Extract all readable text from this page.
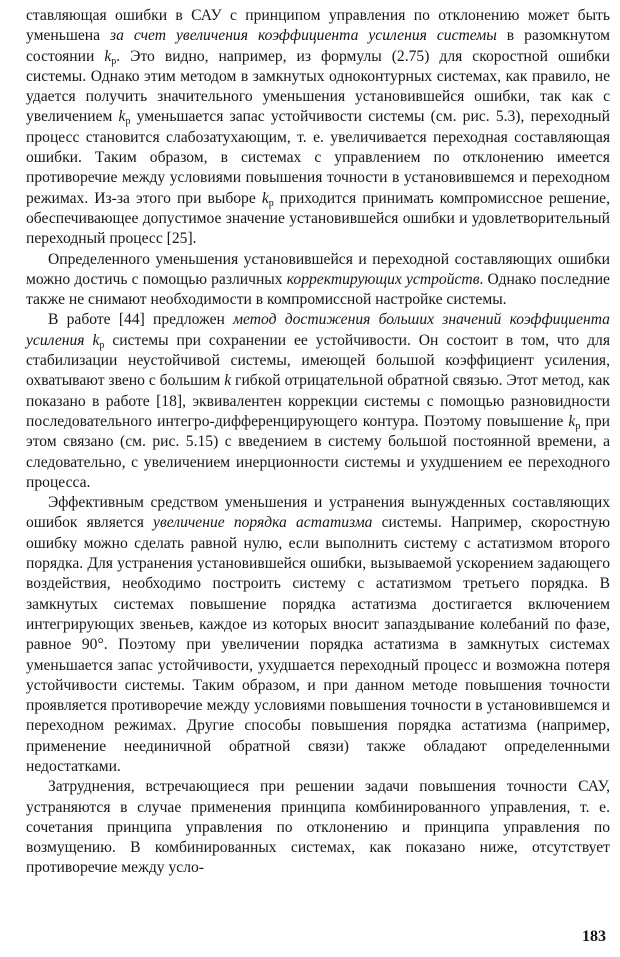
ставляющая ошибки в САУ с принципом управления по отклонению может быть уменьшена за счет увеличения коэффициента усиления системы в разомкнутом состоянии $k_р$. Это видно, например, из формулы (2.75) для скоростной ошибки системы. Однако этим методом в замкнутых одноконтурных системах, как правило, не удается получить значительного уменьшения установившейся ошибки, так как с увеличением $k_р$ уменьшается запас устойчивости системы (см. рис. 5.3), переходный процесс становится слабозатухающим, т. е. увеличивается переходная составляющая ошибки. Таким образом, в системах с управлением по отклонению имеется противоречие между условиями повышения точности в установившемся и переходном режимах. Из-за этого при выборе $k_р$ приходится принимать компромиссное решение, обеспечивающее допустимое значение установившейся ошибки и удовлетворительный переходный процесс [25].

Определенного уменьшения установившейся и переходной составляющих ошибки можно достичь с помощью различных корректирующих устройств. Однако последние также не снимают необходимости в компромиссной настройке системы.

В работе [44] предложен метод достижения больших значений коэффициента усиления $k_р$ системы при сохранении ее устойчивости. Он состоит в том, что для стабилизации неустойчивой системы, имеющей большой коэффициент усиления, охватывают звено с большим k гибкой отрицательной обратной связью. Этот метод, как показано в работе [18], эквивалентен коррекции системы с помощью разновидности последовательного интегро-дифференцирующего контура. Поэтому повышение $k_р$ при этом связано (см. рис. 5.15) с введением в систему большой постоянной времени, а следовательно, с увеличением инерционности системы и ухудшением ее переходного процесса.

Эффективным средством уменьшения и устранения вынужденных составляющих ошибок является увеличение порядка астатизма системы. Например, скоростную ошибку можно сделать равной нулю, если выполнить систему с астатизмом второго порядка. Для устранения установившейся ошибки, вызываемой ускорением задающего воздействия, необходимо построить систему с астатизмом третьего порядка. В замкнутых системах повышение порядка астатизма достигается включением интегрирующих звеньев, каждое из которых вносит запаздывание колебаний по фазе, равное 90°. Поэтому при увеличении порядка астатизма в замкнутых системах уменьшается запас устойчивости, ухудшается переходный процесс и возможна потеря устойчивости системы. Таким образом, и при данном методе повышения точности проявляется противоречие между условиями повышения точности в установившемся и переходном режимах. Другие способы повышения порядка астатизма (например, применение неединичной обратной связи) также обладают определенными недостатками.

Затруднения, встречающиеся при решении задачи повышения точности САУ, устраняются в случае применения принципа комбинированного управления, т. е. сочетания принципа управления по отклонению и принципа управления по возмущению. В комбинированных системах, как показано ниже, отсутствует противоречие между усло-

183
